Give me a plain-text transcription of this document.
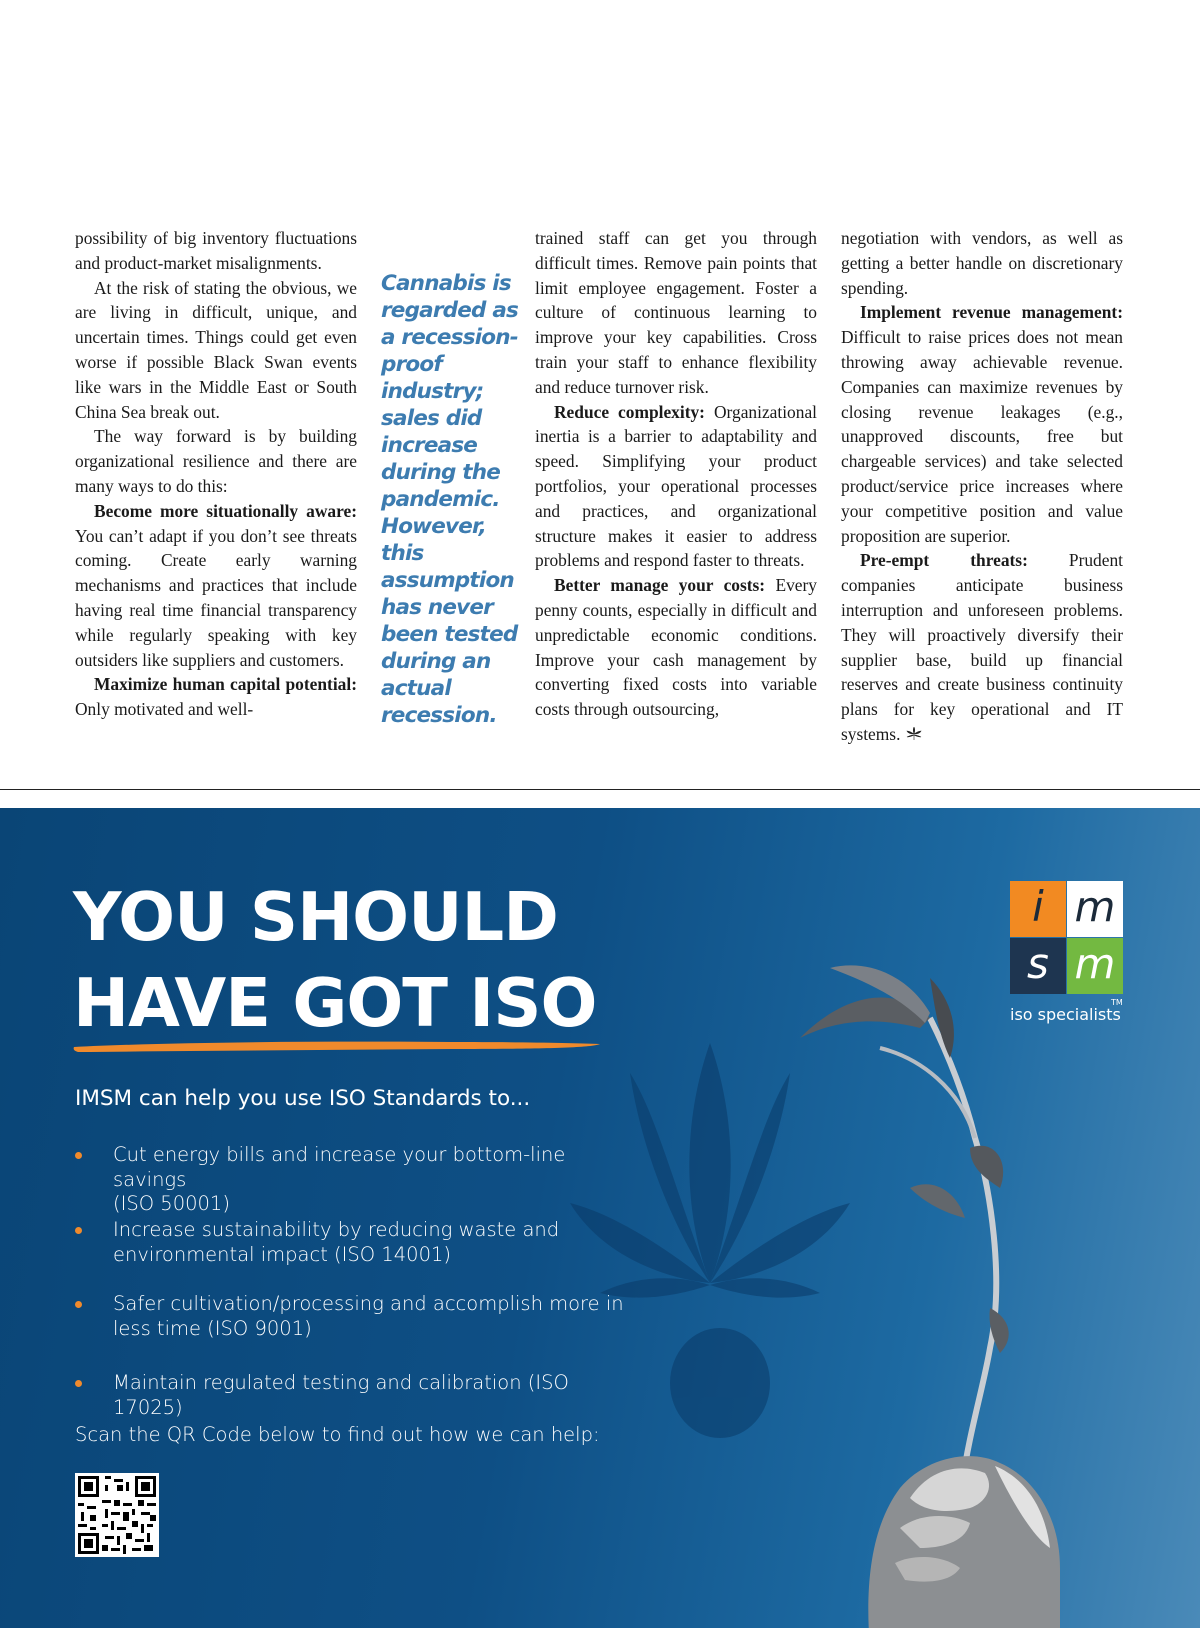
possibility of big inventory fluctuations and product-market misalignments.

At the risk of stating the obvious, we are living in difficult, unique, and uncertain times. Things could get even worse if possible Black Swan events like wars in the Middle East or South China Sea break out.

The way forward is by building organizational resilience and there are many ways to do this:

Become more situationally aware: You can’t adapt if you don’t see threats coming. Create early warning mechanisms and practices that include having real time financial transparency while regularly speaking with key outsiders like suppliers and customers.

Maximize human capital potential: Only motivated and well-

Cannabis is regarded as a recession-proof industry; sales did increase during the pandemic. However, this assumption has never been tested during an actual recession.

trained staff can get you through difficult times. Remove pain points that limit employee engagement. Foster a culture of continuous learning to improve your key capabilities. Cross train your staff to enhance flexibility and reduce turnover risk.

Reduce complexity: Organizational inertia is a barrier to adaptability and speed. Simplifying your product portfolios, your operational processes and practices, and organizational structure makes it easier to address problems and respond faster to threats.

Better manage your costs: Every penny counts, especially in difficult and unpredictable economic conditions. Improve your cash management by converting fixed costs into variable costs through outsourcing,

negotiation with vendors, as well as getting a better handle on discretionary spending.

Implement revenue management: Difficult to raise prices does not mean throwing away achievable revenue. Companies can maximize revenues by closing revenue leakages (e.g., unapproved discounts, free but chargeable services) and take selected product/service price increases where your competitive position and value proposition are superior.

Pre-empt threats: Prudent companies anticipate business interruption and unforeseen problems. They will proactively diversify their supplier base, build up financial reserves and create business continuity plans for key operational and IT systems.

YOU SHOULD
HAVE GOT ISO
IMSM can help you use ISO Standards to...
Cut energy bills and increase your bottom-line savings
(ISO 50001)
Increase sustainability by reducing waste and
environmental impact (ISO 14001)
Safer cultivation/processing and accomplish more in
less time (ISO 9001)
Maintain regulated testing and calibration (ISO 17025)
Scan the QR Code below to find out how we can help:
i m
s m
TM
iso specialists
